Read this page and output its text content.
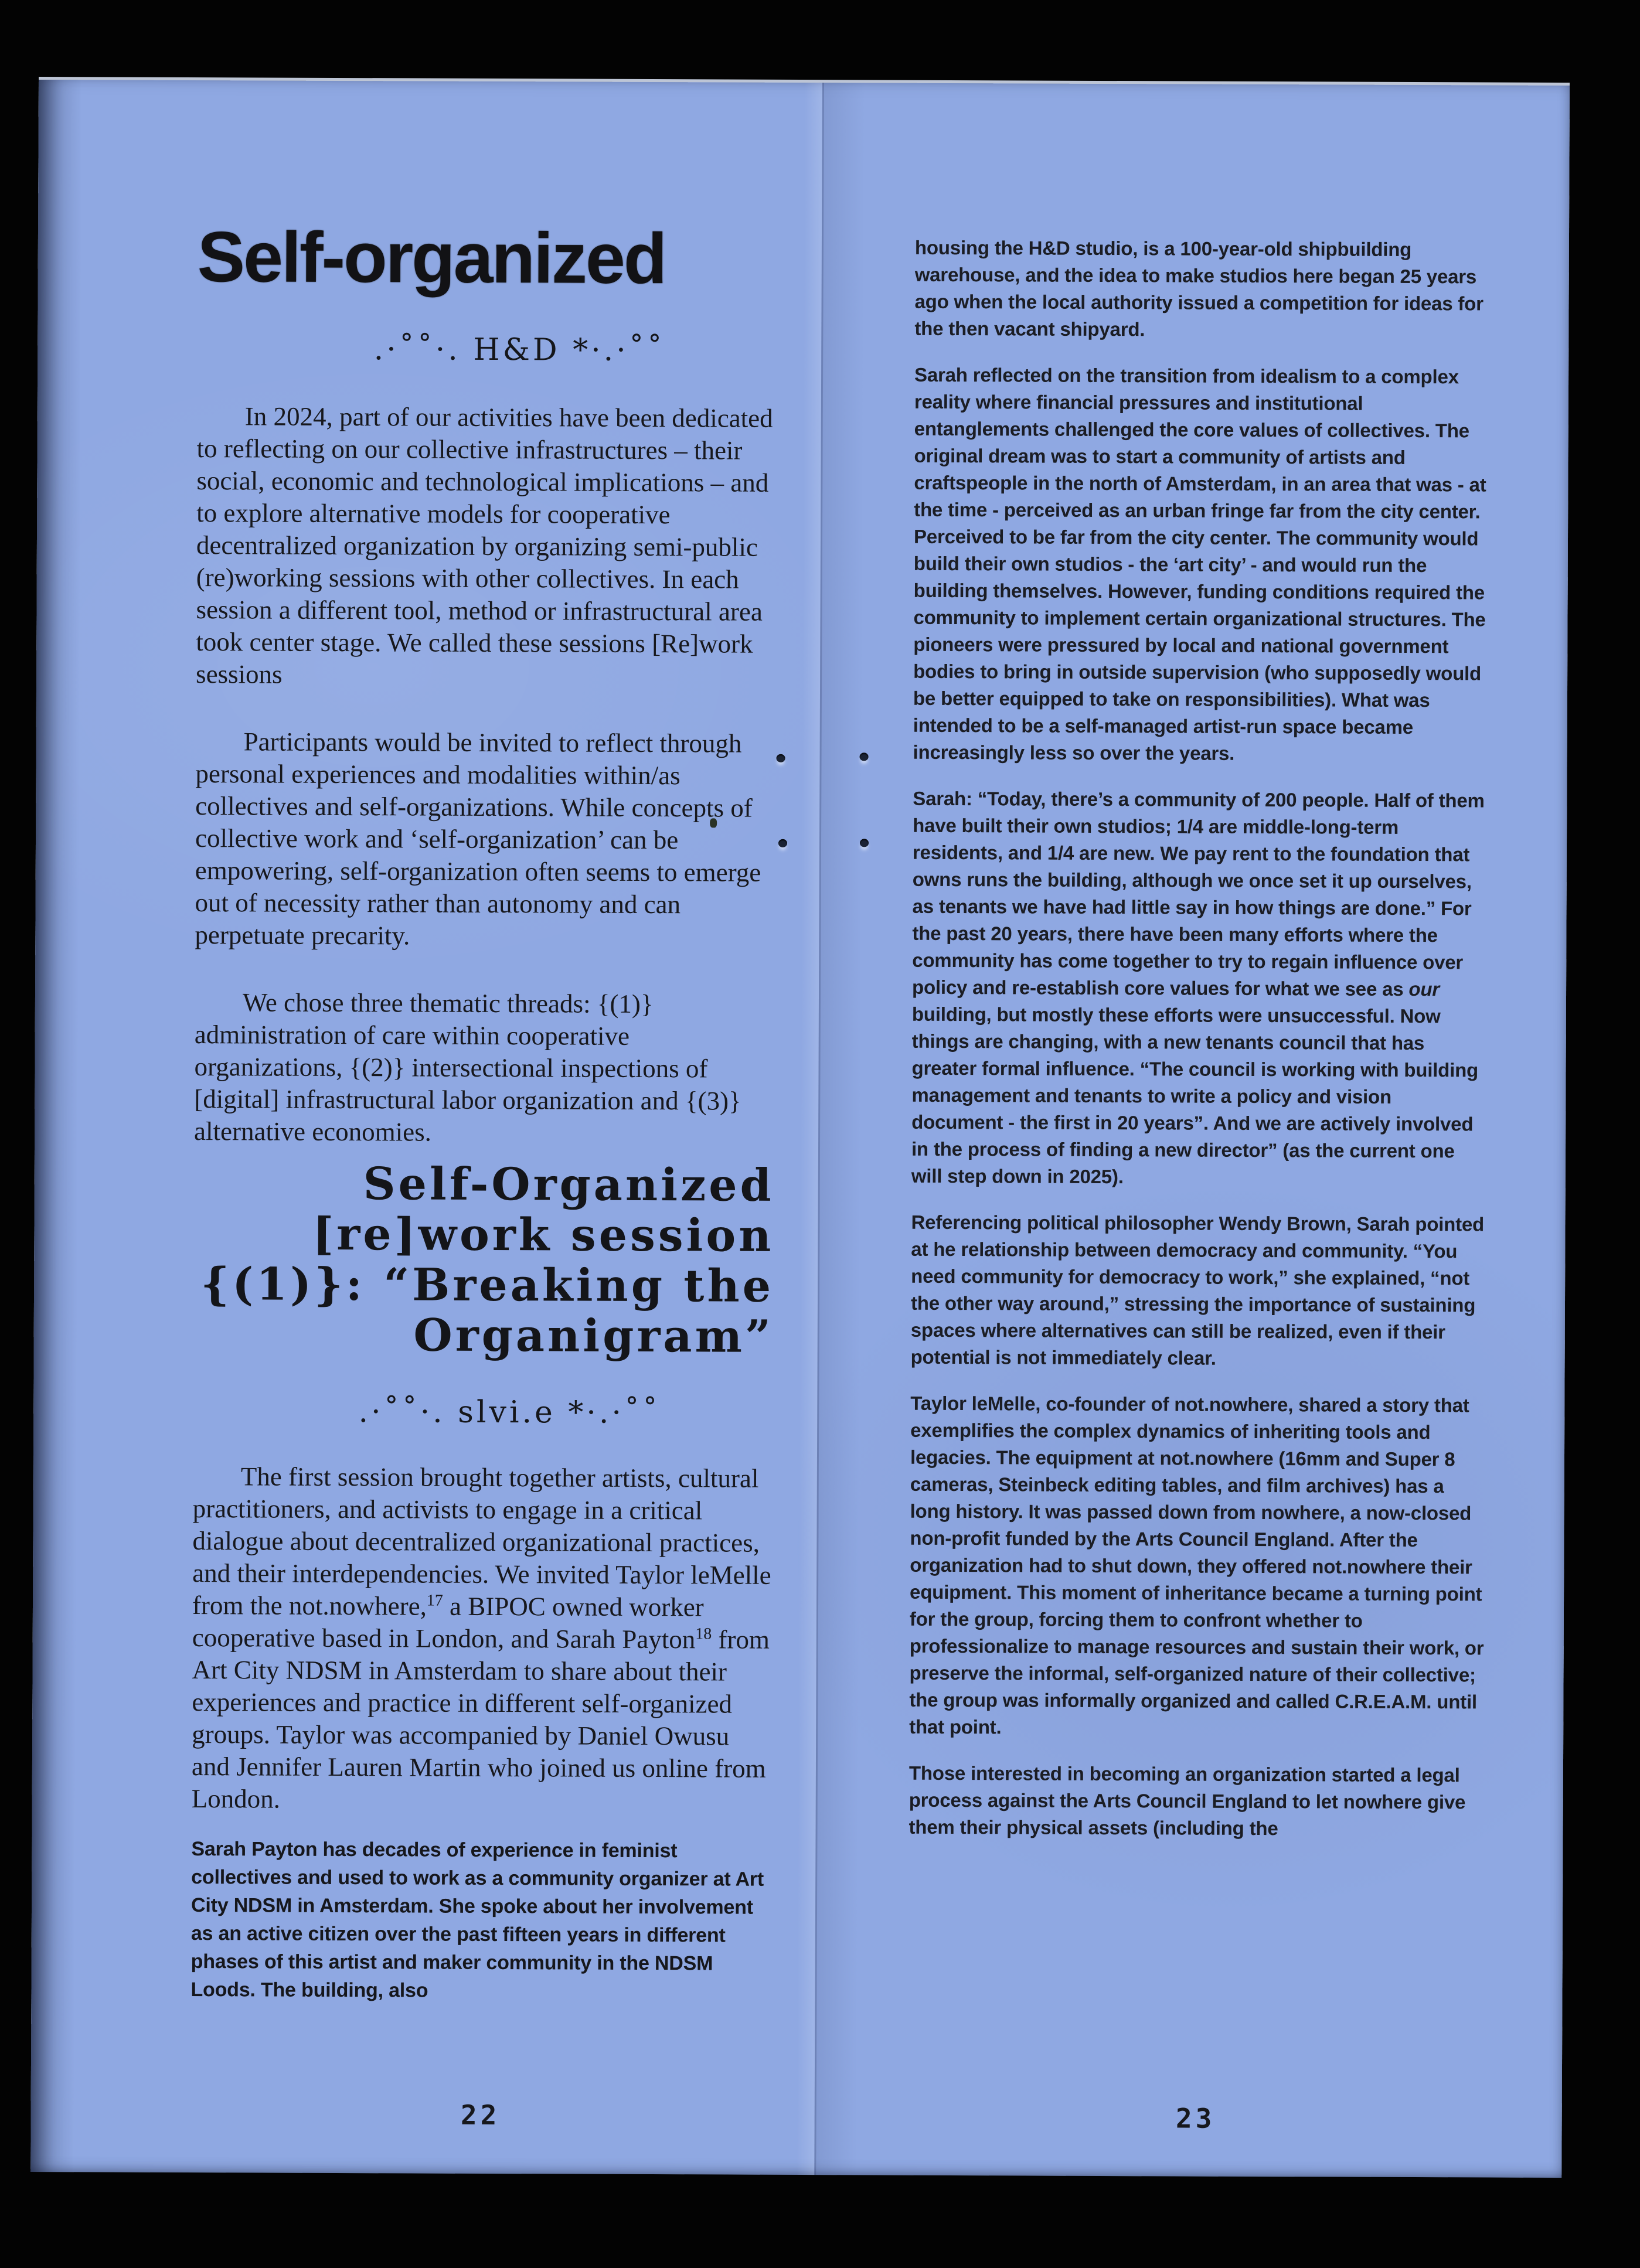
Self-organized
.·˚˚·. H&D *·.·˚˚

In 2024, part of our activities have been dedicated to reflecting on our collective infrastructures – their social, economic and technological implications – and to explore alternative models for cooperative decentralized organization by organizing semi-public (re)working sessions with other collectives. In each session a different tool, method or infrastructural area took center stage. We called these sessions [Re]work sessions

Participants would be invited to reflect through personal experiences and modalities within/as collectives and self-organizations. While concepts of collective work and ‘self-organization’ can be empowering, self-organization often seems to emerge out of necessity rather than autonomy and can perpetuate precarity.

We chose three thematic threads: {(1)} administration of care within cooperative organizations, {(2)} intersectional inspections of [digital] infrastructural labor organization and {(3)} alternative economies.

Self-Organized
[re]work session
{(1)}: “Breaking the
Organigram”
.·˚˚·. slvi.e *·.·˚˚

The first session brought together artists, cultural practitioners, and activists to engage in a critical dialogue about decentralized organizational practices, and their interdependencies. We invited Taylor leMelle from the not.nowhere,$^{17}$ a BIPOC owned worker cooperative based in London, and Sarah Payton$^{18}$ from Art City NDSM in Amsterdam to share about their experiences and practice in different self-organized groups. Taylor was accompanied by Daniel Owusu and Jennifer Lauren Martin who joined us online from London.

Sarah Payton has decades of experience in feminist collectives and used to work as a community organizer at Art City NDSM in Amsterdam. She spoke about her involvement as an active citizen over the past fifteen years in different phases of this artist and maker community in the NDSM Loods. The building, also

22

housing the H&D studio, is a 100-year-old shipbuilding warehouse, and the idea to make studios here began 25 years ago when the local authority issued a competition for ideas for the then vacant shipyard.

Sarah reflected on the transition from idealism to a complex reality where financial pressures and institutional entanglements challenged the core values of collectives. The original dream was to start a community of artists and craftspeople in the north of Amsterdam, in an area that was - at the time - perceived as an urban fringe far from the city center. Perceived to be far from the city center. The community would build their own studios - the ‘art city’ - and would run the building themselves. However, funding conditions required the community to implement certain organizational structures. The pioneers were pressured by local and national government bodies to bring in outside supervision (who supposedly would be better equipped to take on responsibilities). What was intended to be a self-managed artist-run space became increasingly less so over the years.

Sarah: “Today, there’s a community of 200 people. Half of them have built their own studios; 1/4 are middle-long-term residents, and 1/4 are new. We pay rent to the foundation that owns runs the building, although we once set it up ourselves, as tenants we have had little say in how things are done.” For the past 20 years, there have been many efforts where the community has come together to try to regain influence over policy and re-establish core values for what we see as our building, but mostly these efforts were unsuccessful. Now things are changing, with a new tenants council that has greater formal influence. “The council is working with building management and tenants to write a policy and vision document - the first in 20 years”. And we are actively involved in the process of finding a new director” (as the current one will step down in 2025).

Referencing political philosopher Wendy Brown, Sarah pointed at he relationship between democracy and community. “You need community for democracy to work,” she explained, “not the other way around,” stressing the importance of sustaining spaces where alternatives can still be realized, even if their potential is not immediately clear.

Taylor leMelle, co-founder of not.nowhere, shared a story that exemplifies the complex dynamics of inheriting tools and legacies. The equipment at not.nowhere (16mm and Super 8 cameras, Steinbeck editing tables, and film archives) has a long history. It was passed down from nowhere, a now-closed non-profit funded by the Arts Council England. After the organization had to shut down, they offered not.nowhere their equipment. This moment of inheritance became a turning point for the group, forcing them to confront whether to professionalize to manage resources and sustain their work, or preserve the informal, self-organized nature of their collective; the group was informally organized and called C.R.E.A.M. until that point.

Those interested in becoming an organization started a legal process against the Arts Council England to let nowhere give them their physical assets (including the

23
